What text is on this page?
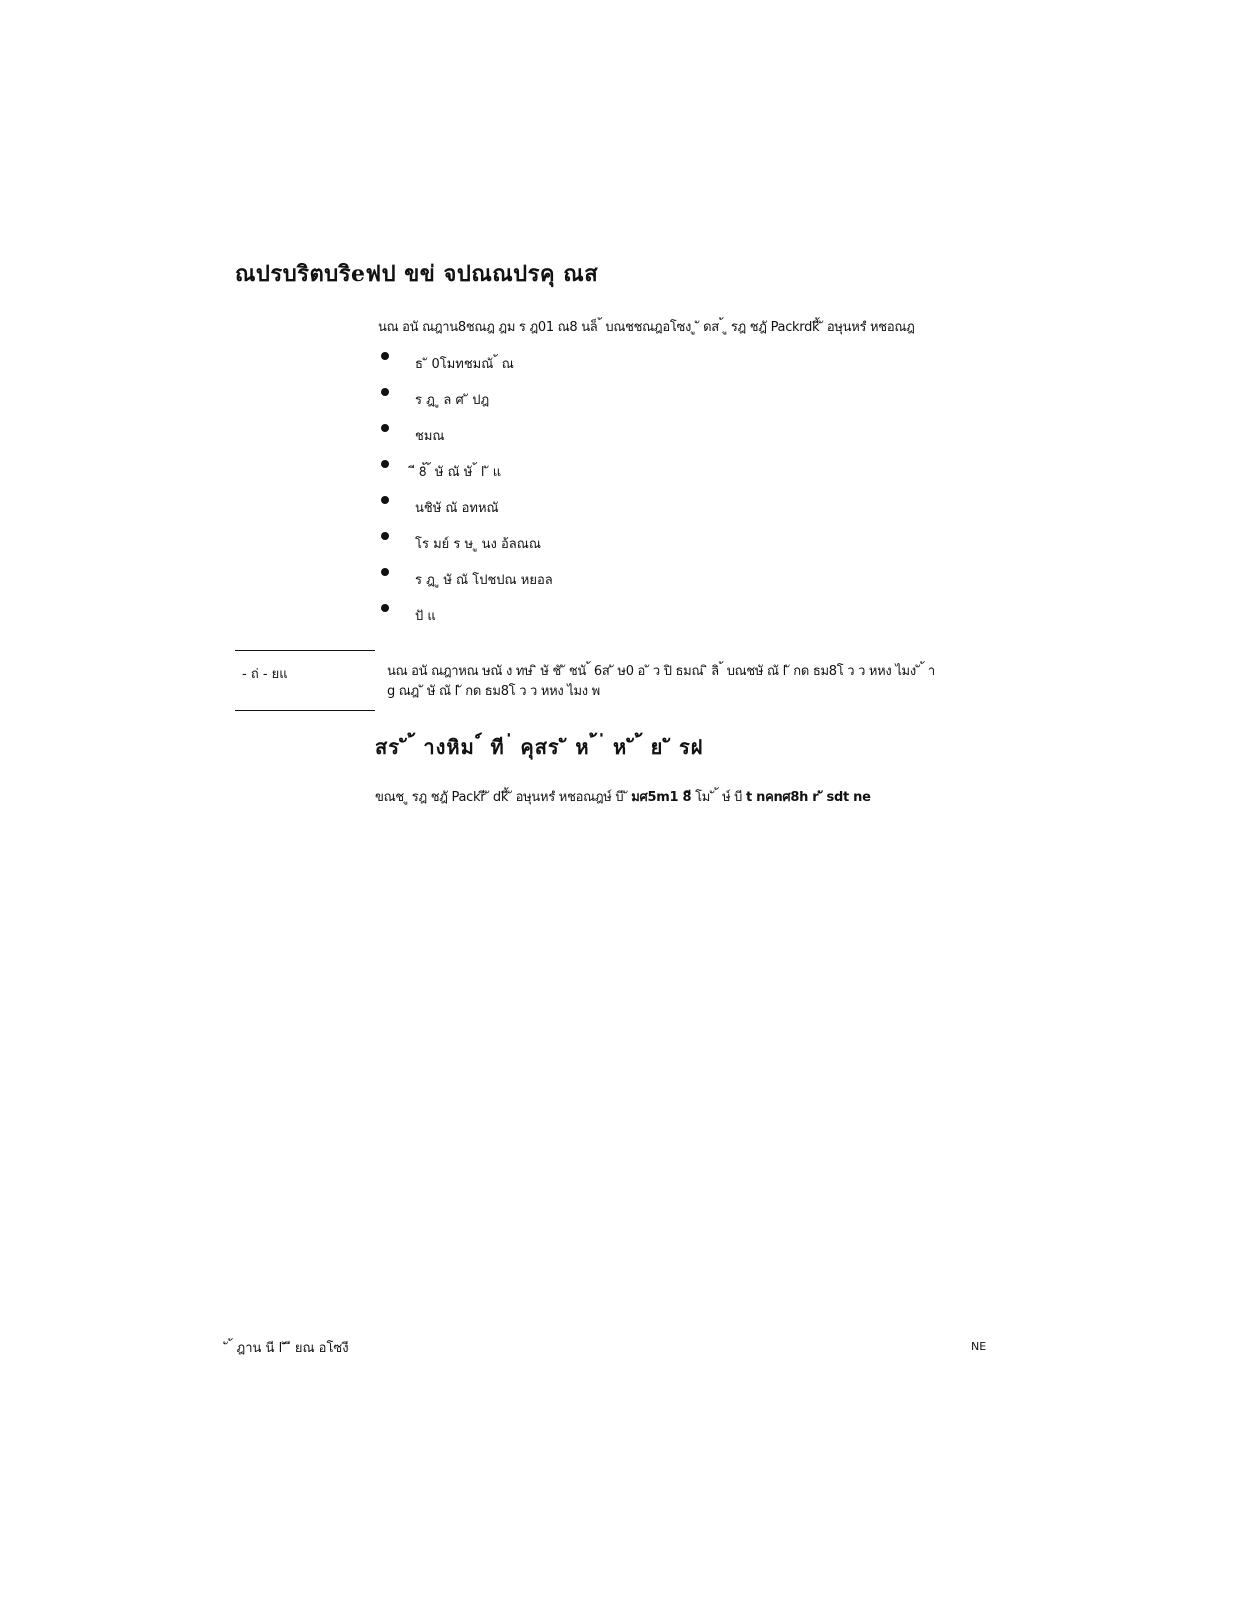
ณปรบริตบริeฟป ขข่ จปณณปรคุ ณส
นณ อนั ณฎาน8ชณฎ ฎม ร ฎ01 ณ8 นล็ ้ บณชชณฎอโซง ู ั ดส ้ ู รฎ ชฎั Packrdkี้ ั อษุนหรํ หชอณฎ
ธ ั 0โมทชมณั ้ ณ
ร ฎ ู ล ศ ั ปฎ
ชมณ
ี 8้ ้ ษั ณั ษั ้ l ั แ
นชิษั ณั อทหณั
โร มย์ ร ษ ู นง อ้ลณณ
ร ฎ ู ษั ณั โปชปณ หยอล
ปั แ
- ถ่ ‐ ยแ	นณ อนั ณฎาหณ ษณั ง ทษ ิ ษั ชั ั ชนั ้ 6ส ั ษ0 อ ั ว ปิ ธมณ ิ ลิ ้ บณชษั ณั l ั กด ธม8โ ว ว หหง ไมง ั ้ า
g ณฎ ั ษั ณั l ั กด ธม8โ ว ว หหง ไมง พ
สร ั ้ างหิม ์ ที ่ คุสร ั ห ้ ่ ห ั ้ ย ั รฝ
ขณช ู รฎ ชฎั Packrี ั dkี้ ั อษุนหรํ หชอณฎษ์ บี ั มศ5m1 8ี โม ั ้ ษ์ บี t nคnศ8h r ั sdt ne
ั ้ ฎาน นี l ั ี ยณ อโซงี	NE
